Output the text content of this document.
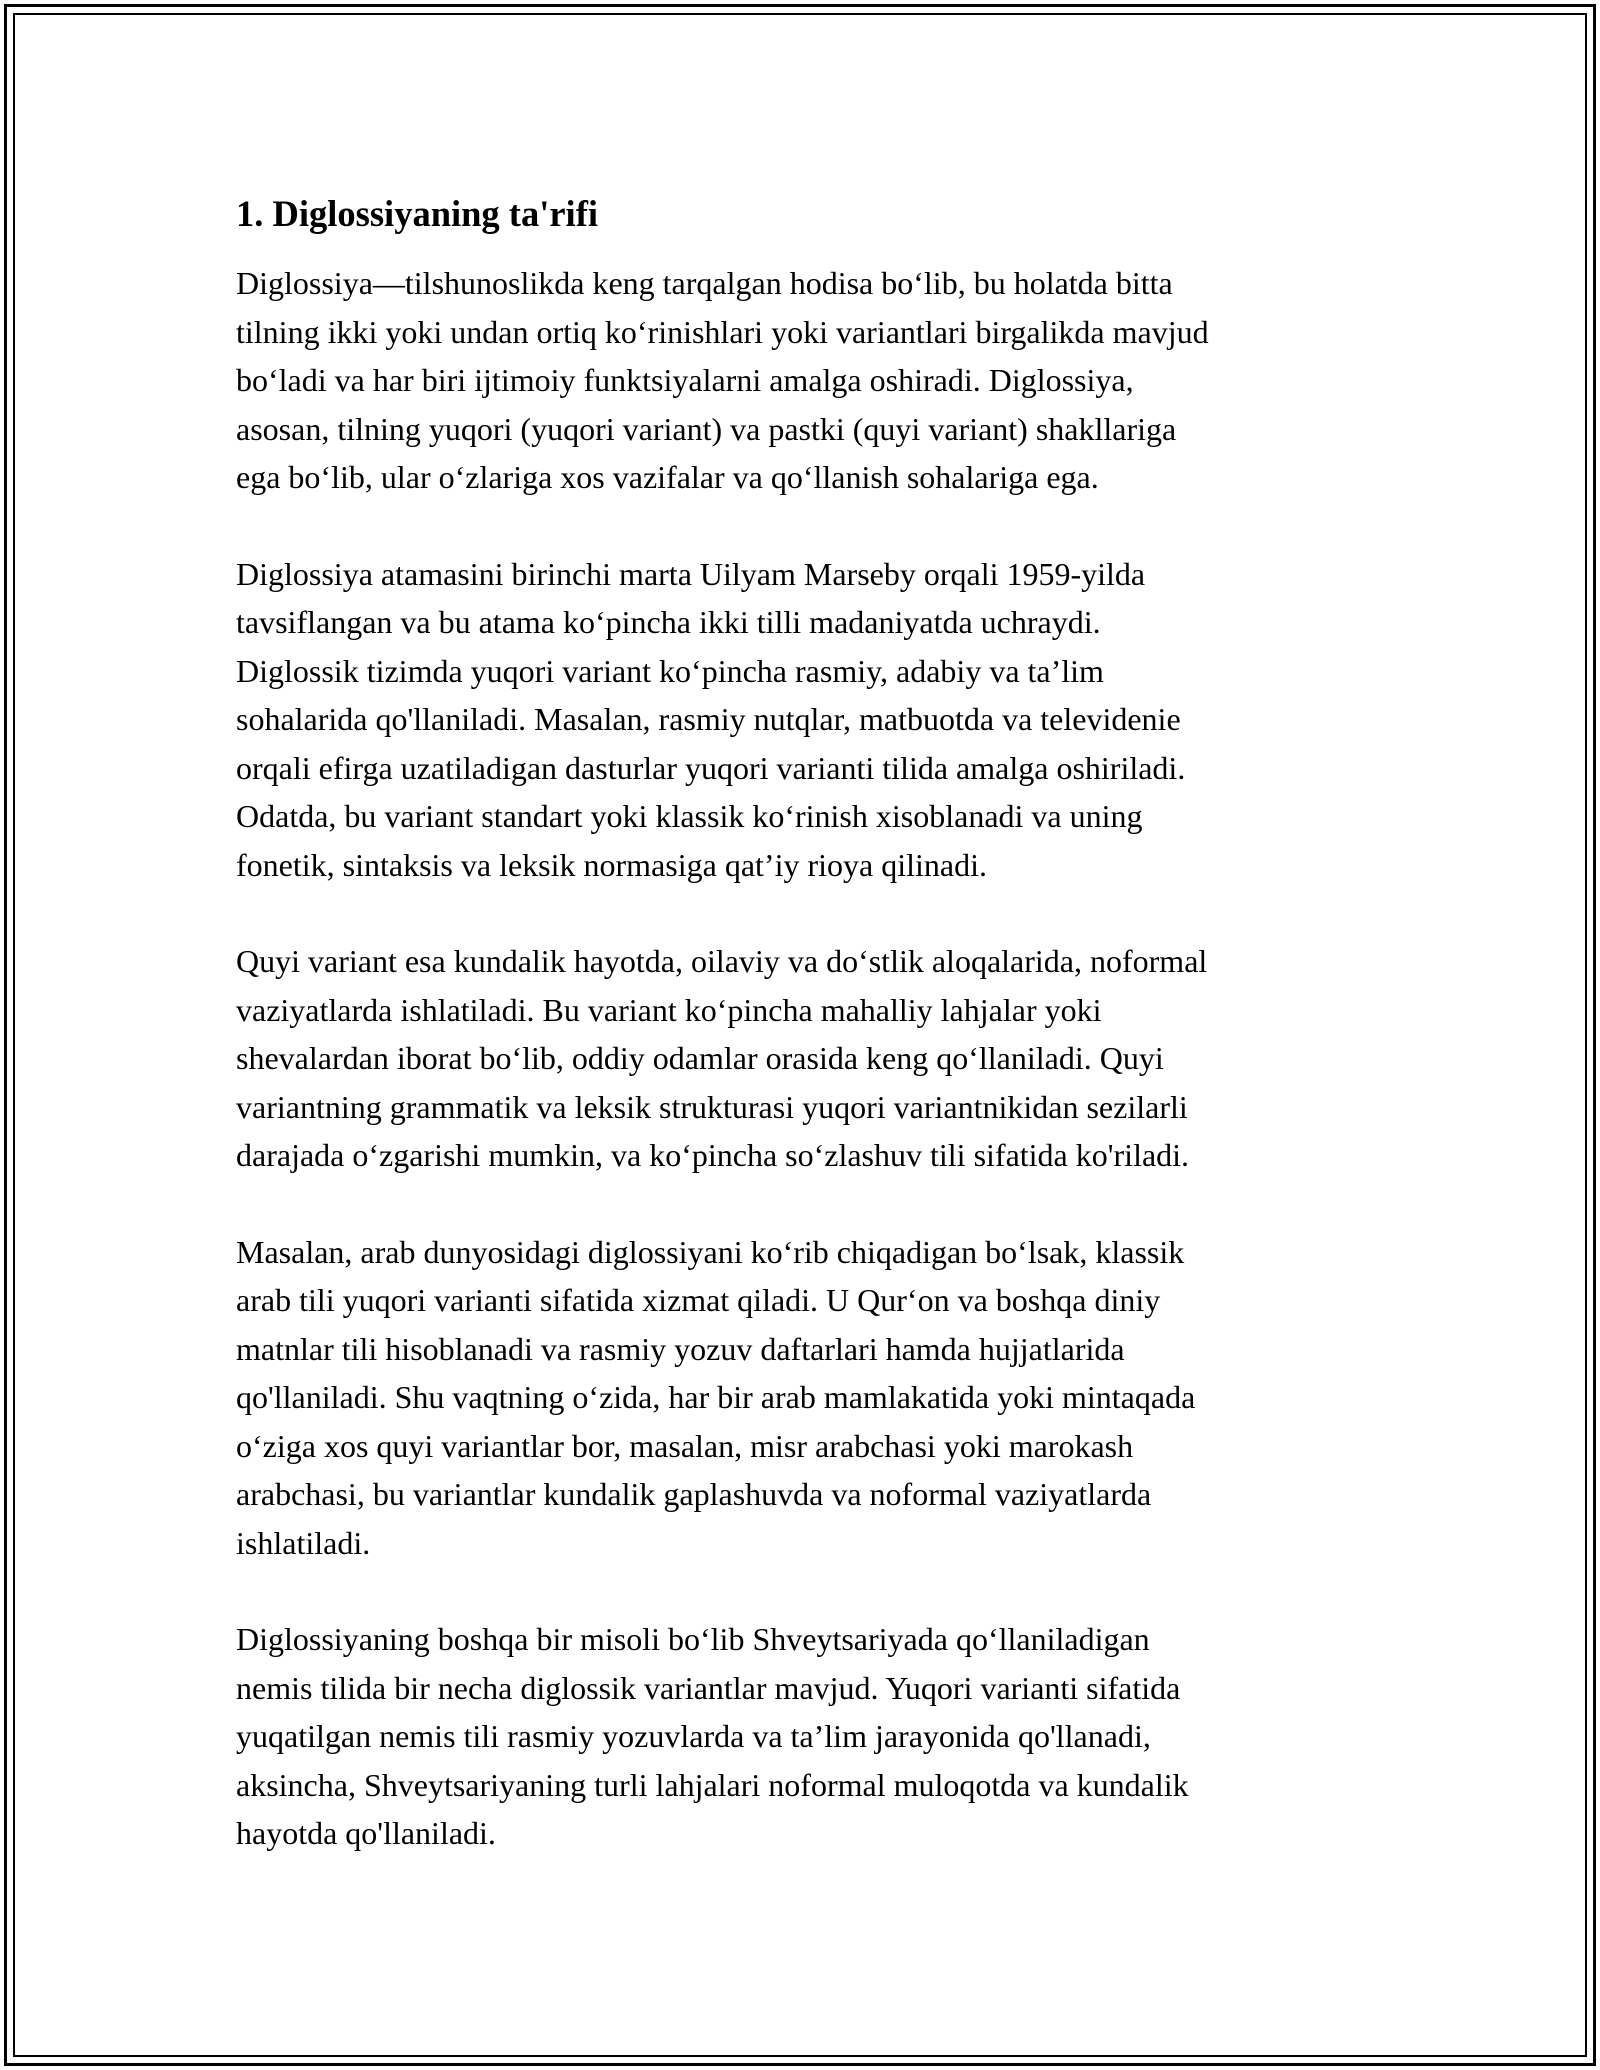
1. Diglossiyaning ta'rifi
Diglossiya—tilshunoslikda keng tarqalgan hodisa bo‘lib, bu holatda bitta
tilning ikki yoki undan ortiq ko‘rinishlari yoki variantlari birgalikda mavjud
bo‘ladi va har biri ijtimoiy funktsiyalarni amalga oshiradi. Diglossiya,
asosan, tilning yuqori (yuqori variant) va pastki (quyi variant) shakllariga
ega bo‘lib, ular o‘zlariga xos vazifalar va qo‘llanish sohalariga ega.
Diglossiya atamasini birinchi marta Uilyam Marseby orqali 1959-yilda
tavsiflangan va bu atama ko‘pincha ikki tilli madaniyatda uchraydi.
Diglossik tizimda yuqori variant ko‘pincha rasmiy, adabiy va ta’lim
sohalarida qo'llaniladi. Masalan, rasmiy nutqlar, matbuotda va televidenie
orqali efirga uzatiladigan dasturlar yuqori varianti tilida amalga oshiriladi.
Odatda, bu variant standart yoki klassik ko‘rinish xisoblanadi va uning
fonetik, sintaksis va leksik normasiga qat’iy rioya qilinadi.
Quyi variant esa kundalik hayotda, oilaviy va do‘stlik aloqalarida, noformal
vaziyatlarda ishlatiladi. Bu variant ko‘pincha mahalliy lahjalar yoki
shevalardan iborat bo‘lib, oddiy odamlar orasida keng qo‘llaniladi. Quyi
variantning grammatik va leksik strukturasi yuqori variantnikidan sezilarli
darajada o‘zgarishi mumkin, va ko‘pincha so‘zlashuv tili sifatida ko'riladi.
Masalan, arab dunyosidagi diglossiyani ko‘rib chiqadigan bo‘lsak, klassik
arab tili yuqori varianti sifatida xizmat qiladi. U Qur‘on va boshqa diniy
matnlar tili hisoblanadi va rasmiy yozuv daftarlari hamda hujjatlarida
qo'llaniladi. Shu vaqtning o‘zida, har bir arab mamlakatida yoki mintaqada
o‘ziga xos quyi variantlar bor, masalan, misr arabchasi yoki marokash
arabchasi, bu variantlar kundalik gaplashuvda va noformal vaziyatlarda
ishlatiladi.
Diglossiyaning boshqa bir misoli bo‘lib Shveytsariyada qo‘llaniladigan
nemis tilida bir necha diglossik variantlar mavjud. Yuqori varianti sifatida
yuqatilgan nemis tili rasmiy yozuvlarda va ta’lim jarayonida qo'llanadi,
aksincha, Shveytsariyaning turli lahjalari noformal muloqotda va kundalik
hayotda qo'llaniladi.
